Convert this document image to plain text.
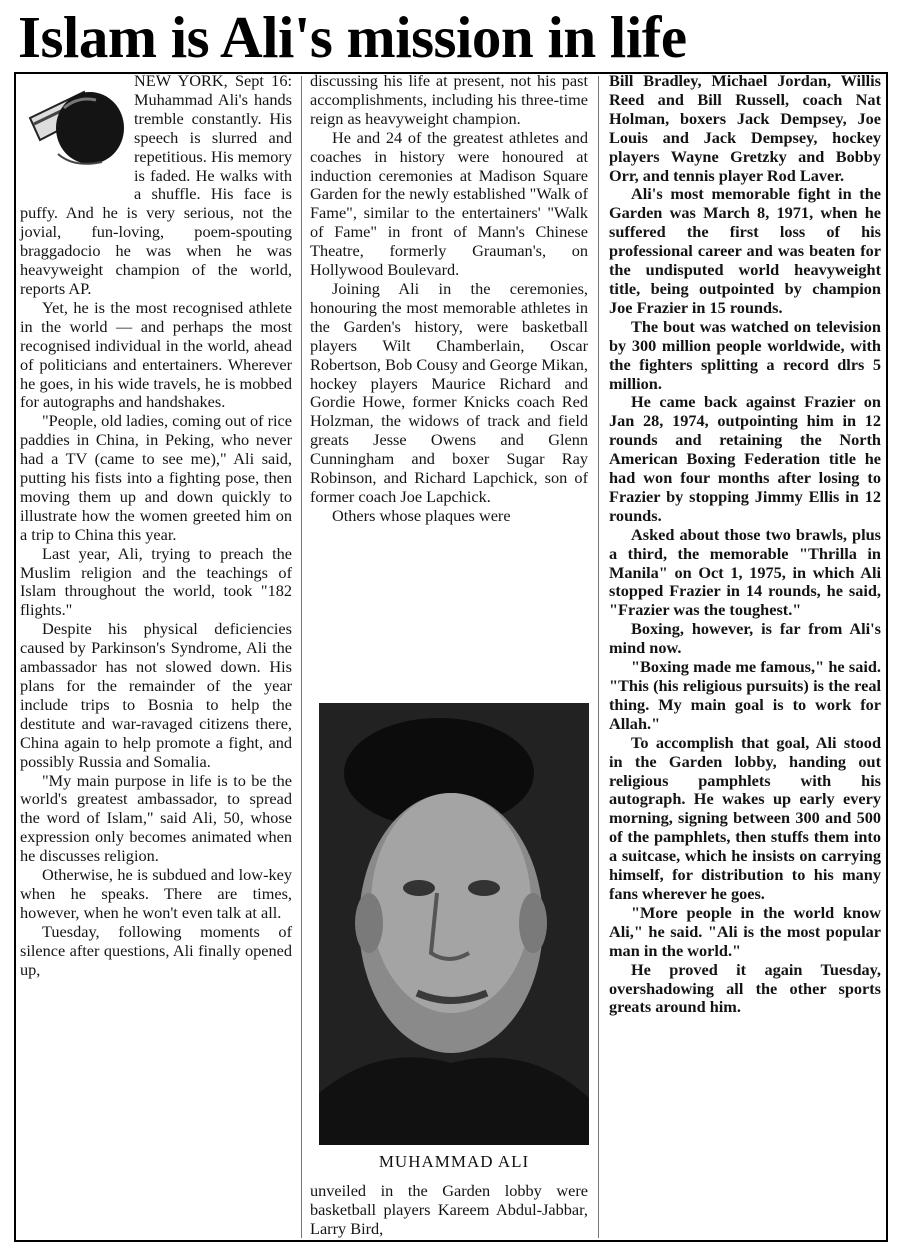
Islam is Ali's mission in life

NEW YORK, Sept 16: Muhammad Ali's hands tremble constantly. His speech is slurred and repetitious. His memory is faded. He walks with a shuffle. His face is puffy. And he is very serious, not the jovial, fun-loving, poem-spouting braggadocio he was when he was heavyweight champion of the world, reports AP.

Yet, he is the most recognised athlete in the world — and perhaps the most recognised individual in the world, ahead of politicians and entertainers. Wherever he goes, in his wide travels, he is mobbed for autographs and handshakes.

"People, old ladies, coming out of rice paddies in China, in Peking, who never had a TV (came to see me)," Ali said, putting his fists into a fighting pose, then moving them up and down quickly to illustrate how the women greeted him on a trip to China this year.

Last year, Ali, trying to preach the Muslim religion and the teachings of Islam throughout the world, took "182 flights."

Despite his physical deficiencies caused by Parkinson's Syndrome, Ali the ambassador has not slowed down. His plans for the remainder of the year include trips to Bosnia to help the destitute and war-ravaged citizens there, China again to help promote a fight, and possibly Russia and Somalia.

"My main purpose in life is to be the world's greatest ambassador, to spread the word of Islam," said Ali, 50, whose expression only becomes animated when he discusses religion.

Otherwise, he is subdued and low-key when he speaks. There are times, however, when he won't even talk at all.

Tuesday, following moments of silence after questions, Ali finally opened up,

discussing his life at present, not his past accomplishments, including his three-time reign as heavyweight champion.

He and 24 of the greatest athletes and coaches in history were honoured at induction ceremonies at Madison Square Garden for the newly established "Walk of Fame", similar to the entertainers' "Walk of Fame" in front of Mann's Chinese Theatre, formerly Grauman's, on Hollywood Boulevard.

Joining Ali in the ceremonies, honouring the most memorable athletes in the Garden's history, were basketball players Wilt Chamberlain, Oscar Robertson, Bob Cousy and George Mikan, hockey players Maurice Richard and Gordie Howe, former Knicks coach Red Holzman, the widows of track and field greats Jesse Owens and Glenn Cunningham and boxer Sugar Ray Robinson, and Richard Lapchick, son of former coach Joe Lapchick.

Others whose plaques were

MUHAMMAD ALI

unveiled in the Garden lobby were basketball players Kareem Abdul-Jabbar, Larry Bird,

Bill Bradley, Michael Jordan, Willis Reed and Bill Russell, coach Nat Holman, boxers Jack Dempsey, Joe Louis and Jack Dempsey, hockey players Wayne Gretzky and Bobby Orr, and tennis player Rod Laver.

Ali's most memorable fight in the Garden was March 8, 1971, when he suffered the first loss of his professional career and was beaten for the undisputed world heavyweight title, being outpointed by champion Joe Frazier in 15 rounds.

The bout was watched on television by 300 million people worldwide, with the fighters splitting a record dlrs 5 million.

He came back against Frazier on Jan 28, 1974, outpointing him in 12 rounds and retaining the North American Boxing Federation title he had won four months after losing to Frazier by stopping Jimmy Ellis in 12 rounds.

Asked about those two brawls, plus a third, the memorable "Thrilla in Manila" on Oct 1, 1975, in which Ali stopped Frazier in 14 rounds, he said, "Frazier was the toughest."

Boxing, however, is far from Ali's mind now.

"Boxing made me famous," he said. "This (his religious pursuits) is the real thing. My main goal is to work for Allah."

To accomplish that goal, Ali stood in the Garden lobby, handing out religious pamphlets with his autograph. He wakes up early every morning, signing between 300 and 500 of the pamphlets, then stuffs them into a suitcase, which he insists on carrying himself, for distribution to his many fans wherever he goes.

"More people in the world know Ali," he said. "Ali is the most popular man in the world."

He proved it again Tuesday, overshadowing all the other sports greats around him.
